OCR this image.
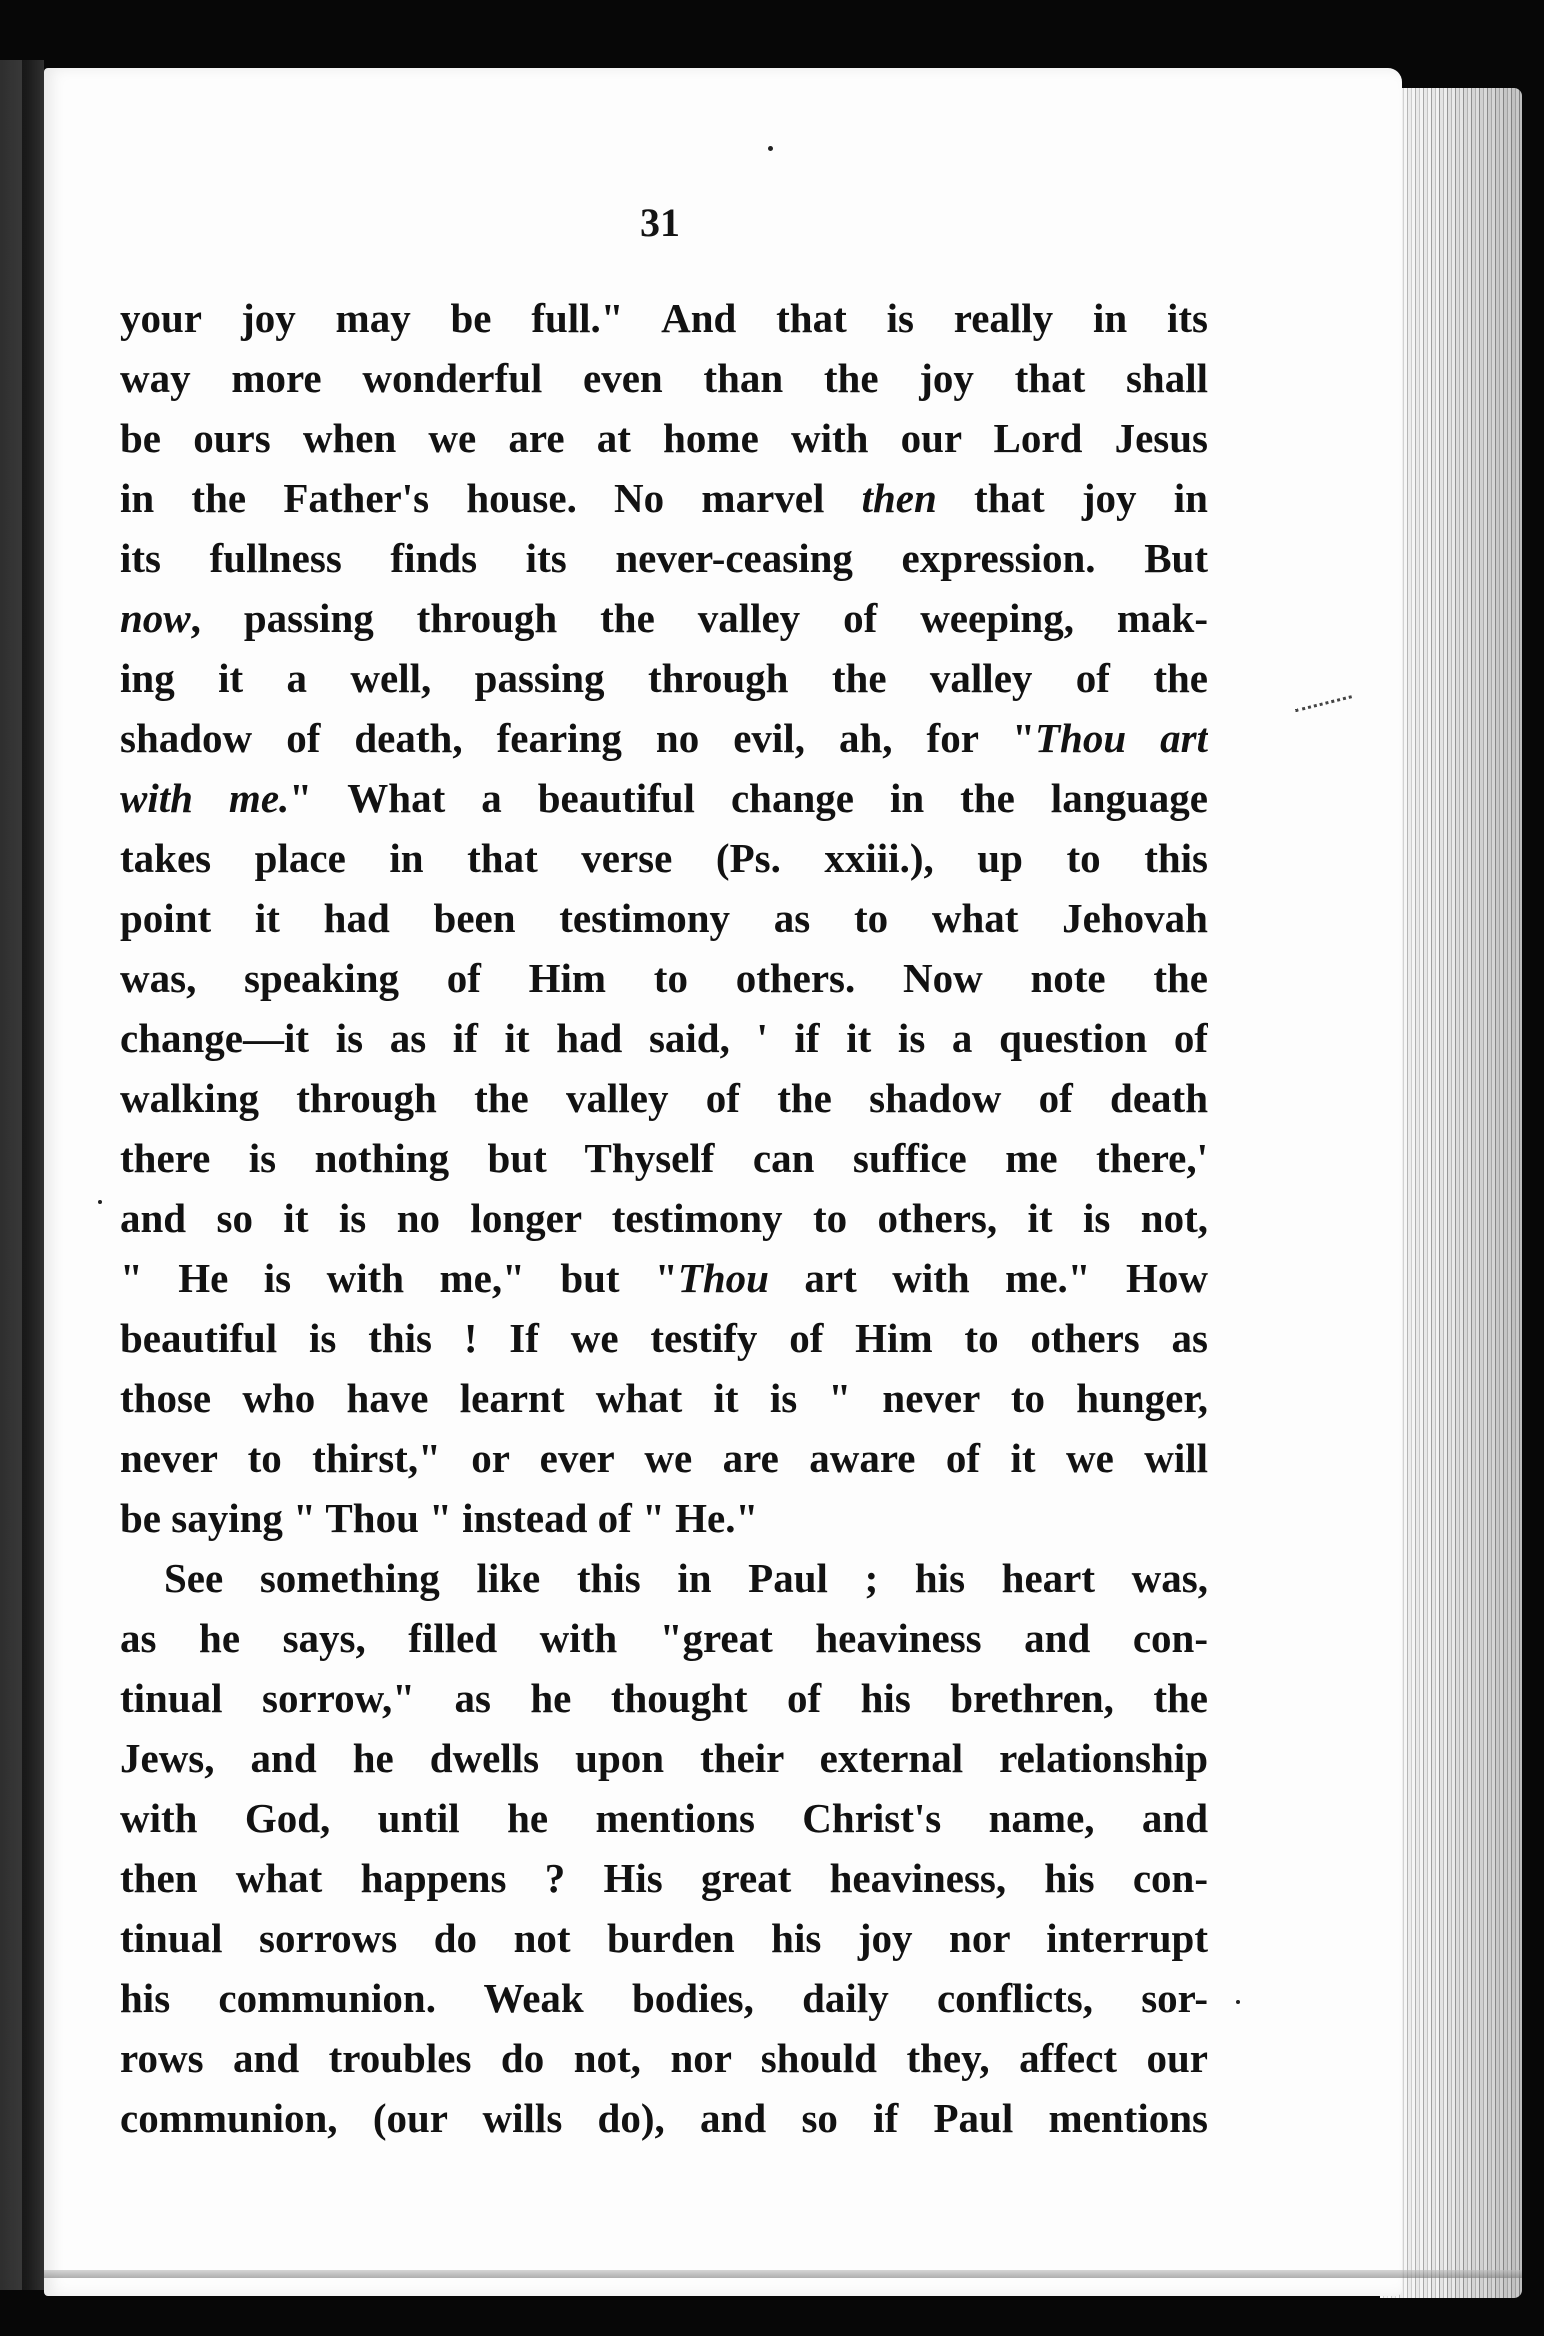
31
your joy may be full." And that is really in its
way more wonderful even than the joy that shall
be ours when we are at home with our Lord Jesus
in the Father's house. No marvel then that joy in
its fullness finds its never-ceasing expression. But
now, passing through the valley of weeping, mak-
ing it a well, passing through the valley of the
shadow of death, fearing no evil, ah, for "Thou art
with me." What a beautiful change in the language
takes place in that verse (Ps. xxiii.), up to this
point it had been testimony as to what Jehovah
was, speaking of Him to others. Now note the
change—it is as if it had said, ' if it is a question of
walking through the valley of the shadow of death
there is nothing but Thyself can suffice me there,'
and so it is no longer testimony to others, it is not,
" He is with me," but "Thou art with me." How
beautiful is this ! If we testify of Him to others as
those who have learnt what it is " never to hunger,
never to thirst," or ever we are aware of it we will
be saying " Thou " instead of " He."
See something like this in Paul ; his heart was,
as he says, filled with "great heaviness and con-
tinual sorrow," as he thought of his brethren, the
Jews, and he dwells upon their external relationship
with God, until he mentions Christ's name, and
then what happens ? His great heaviness, his con-
tinual sorrows do not burden his joy nor interrupt
his communion. Weak bodies, daily conflicts, sor-
rows and troubles do not, nor should they, affect our
communion, (our wills do), and so if Paul mentions
